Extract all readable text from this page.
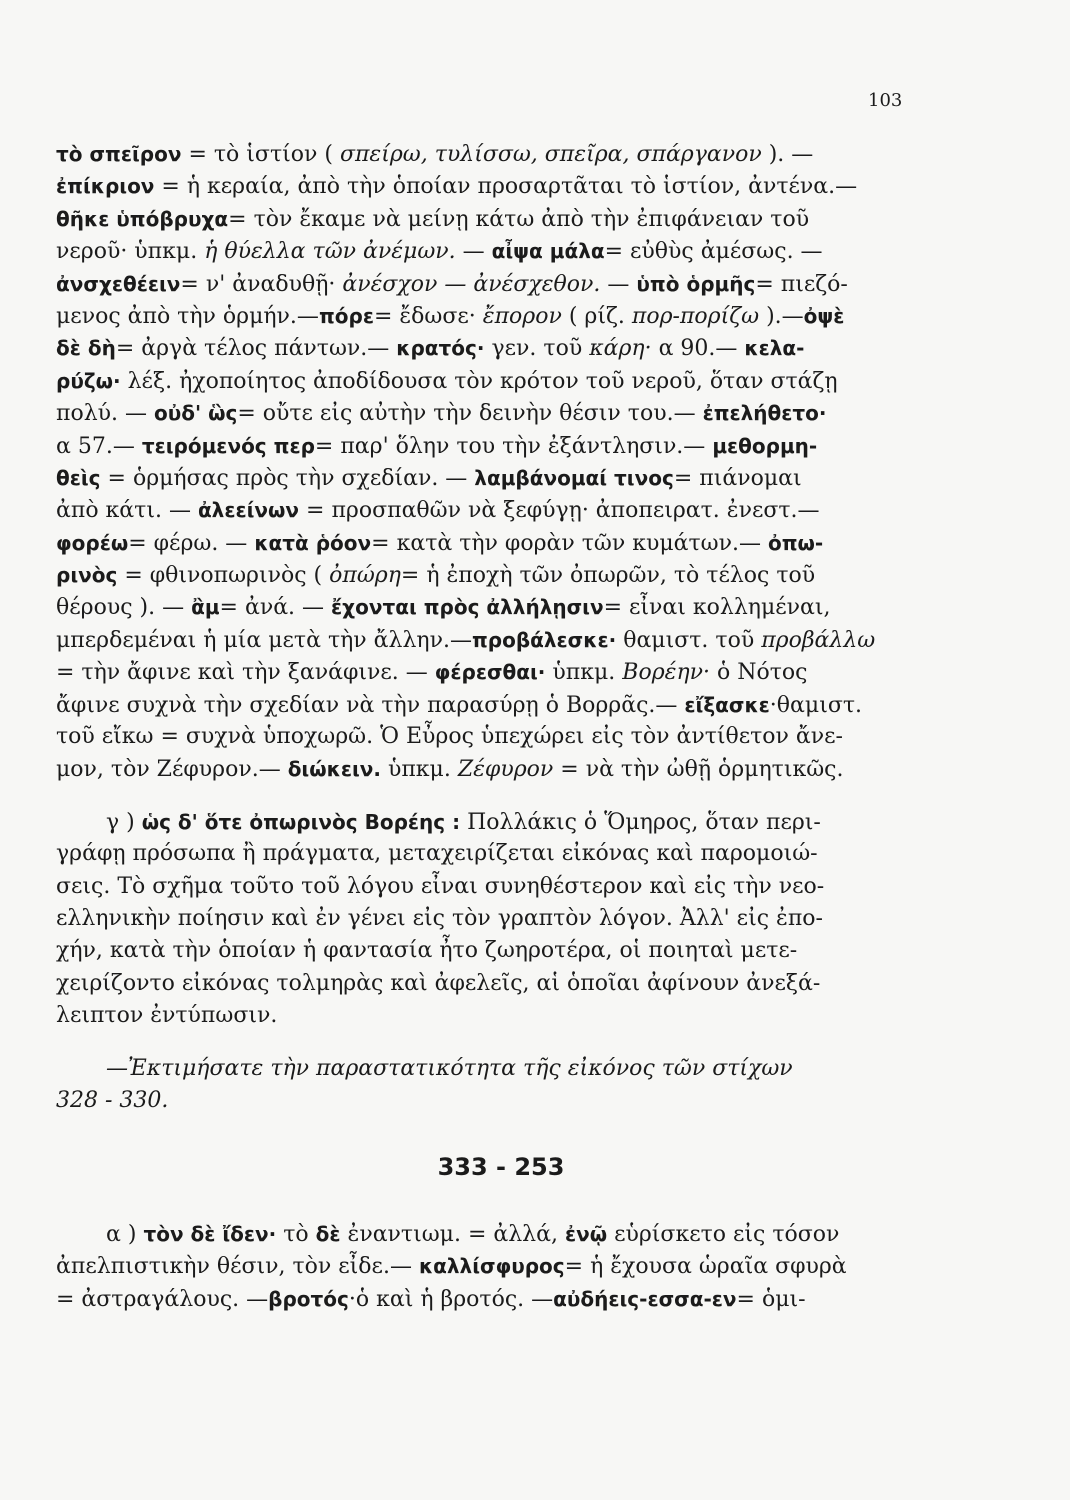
103
τὸ σπεῖρον = τὸ ἱστίον ( σπείρω, τυλίσσω, σπεῖρα, σπάργανον ). —
ἐπίκριον = ἡ κεραία, ἀπὸ τὴν ὁποίαν προσαρτᾶται τὸ ἱστίον, ἀντένα.—
θῆκε ὑπόβρυχα= τὸν ἔκαμε νὰ μείνῃ κάτω ἀπὸ τὴν ἐπιφάνειαν τοῦ
νεροῦ· ὑπκμ. ἡ θύελλα τῶν ἀνέμων. — αἶψα μάλα= εὐθὺς ἀμέσως. —
ἀνσχεθέειν= ν' ἀναδυθῇ· ἀνέσχον — ἀνέσχεθον. — ὑπὸ ὁρμῆς= πιεζό-
μενος ἀπὸ τὴν ὁρμήν.—πόρε= ἔδωσε· ἔπορον ( ρίζ. πορ-πορίζω ).—ὀψὲ
δὲ δὴ= ἀργὰ τέλος πάντων.— κρατός· γεν. τοῦ κάρη· α 90.— κελα-
ρύζω· λέξ. ἠχοποίητος ἀποδίδουσα τὸν κρότον τοῦ νεροῦ, ὅταν στάζῃ
πολύ. — οὐδ' ὣς= οὔτε εἰς αὐτὴν τὴν δεινὴν θέσιν του.— ἐπελήθετο·
α 57.— τειρόμενός περ= παρ' ὅλην του τὴν ἐξάντλησιν.— μεθορμη-
θεὶς = ὁρμήσας πρὸς τὴν σχεδίαν. — λαμβάνομαί τινος= πιάνομαι
ἀπὸ κάτι. — ἀλεείνων = προσπαθῶν νὰ ξεφύγῃ· ἀποπειρατ. ἐνεστ.—
φορέω= φέρω. — κατὰ ῥόον= κατὰ τὴν φορὰν τῶν κυμάτων.— ὀπω-
ρινὸς = φθινοπωρινὸς ( ὀπώρη= ἡ ἐποχὴ τῶν ὀπωρῶν, τὸ τέλος τοῦ
θέρους ). — ἂμ= ἀνά. — ἔχονται πρὸς ἀλλήλῃσιν= εἶναι κολλημέναι,
μπερδεμέναι ἡ μία μετὰ τὴν ἄλλην.—προβάλεσκε· θαμιστ. τοῦ προβάλλω
= τὴν ἄφινε καὶ τὴν ξανάφινε. — φέρεσθαι· ὑπκμ. Βορέην· ὁ Νότος
ἄφινε συχνὰ τὴν σχεδίαν νὰ τὴν παρασύρῃ ὁ Βορρᾶς.— εἴξασκε·θαμιστ.
τοῦ εἴκω = συχνὰ ὑποχωρῶ. Ὁ Εὖρος ὑπεχώρει εἰς τὸν ἀντίθετον ἄνε-
μον, τὸν Ζέφυρον.— διώκειν. ὑπκμ. Ζέφυρον = νὰ τὴν ὠθῇ ὁρμητικῶς.
γ ) ὡς δ' ὅτε ὀπωρινὸς Βορέης : Πολλάκις ὁ Ὅμηρος, ὅταν περι-
γράφῃ πρόσωπα ἢ πράγματα, μεταχειρίζεται εἰκόνας καὶ παρομοιώ-
σεις. Τὸ σχῆμα τοῦτο τοῦ λόγου εἶναι συνηθέστερον καὶ εἰς τὴν νεο-
ελληνικὴν ποίησιν καὶ ἐν γένει εἰς τὸν γραπτὸν λόγον. Ἀλλ' εἰς ἐπο-
χήν, κατὰ τὴν ὁποίαν ἡ φαντασία ἦτο ζωηροτέρα, οἱ ποιηταὶ μετε-
χειρίζοντο εἰκόνας τολμηρὰς καὶ ἀφελεῖς, αἱ ὁποῖαι ἀφίνουν ἀνεξά-
λειπτον ἐντύπωσιν.
—Ἐκτιμήσατε τὴν παραστατικότητα τῆς εἰκόνος τῶν στίχων
328 - 330.
333 - 253
α ) τὸν δὲ ἴδεν· τὸ δὲ ἐναντιωμ. = ἀλλά, ἐνῷ εὑρίσκετο εἰς τόσον
ἀπελπιστικὴν θέσιν, τὸν εἶδε.— καλλίσφυρος= ἡ ἔχουσα ὡραῖα σφυρὰ
= ἀστραγάλους. —βροτός·ὁ καὶ ἡ βροτός. —αὐδήεις-εσσα-εν= ὁμι-
